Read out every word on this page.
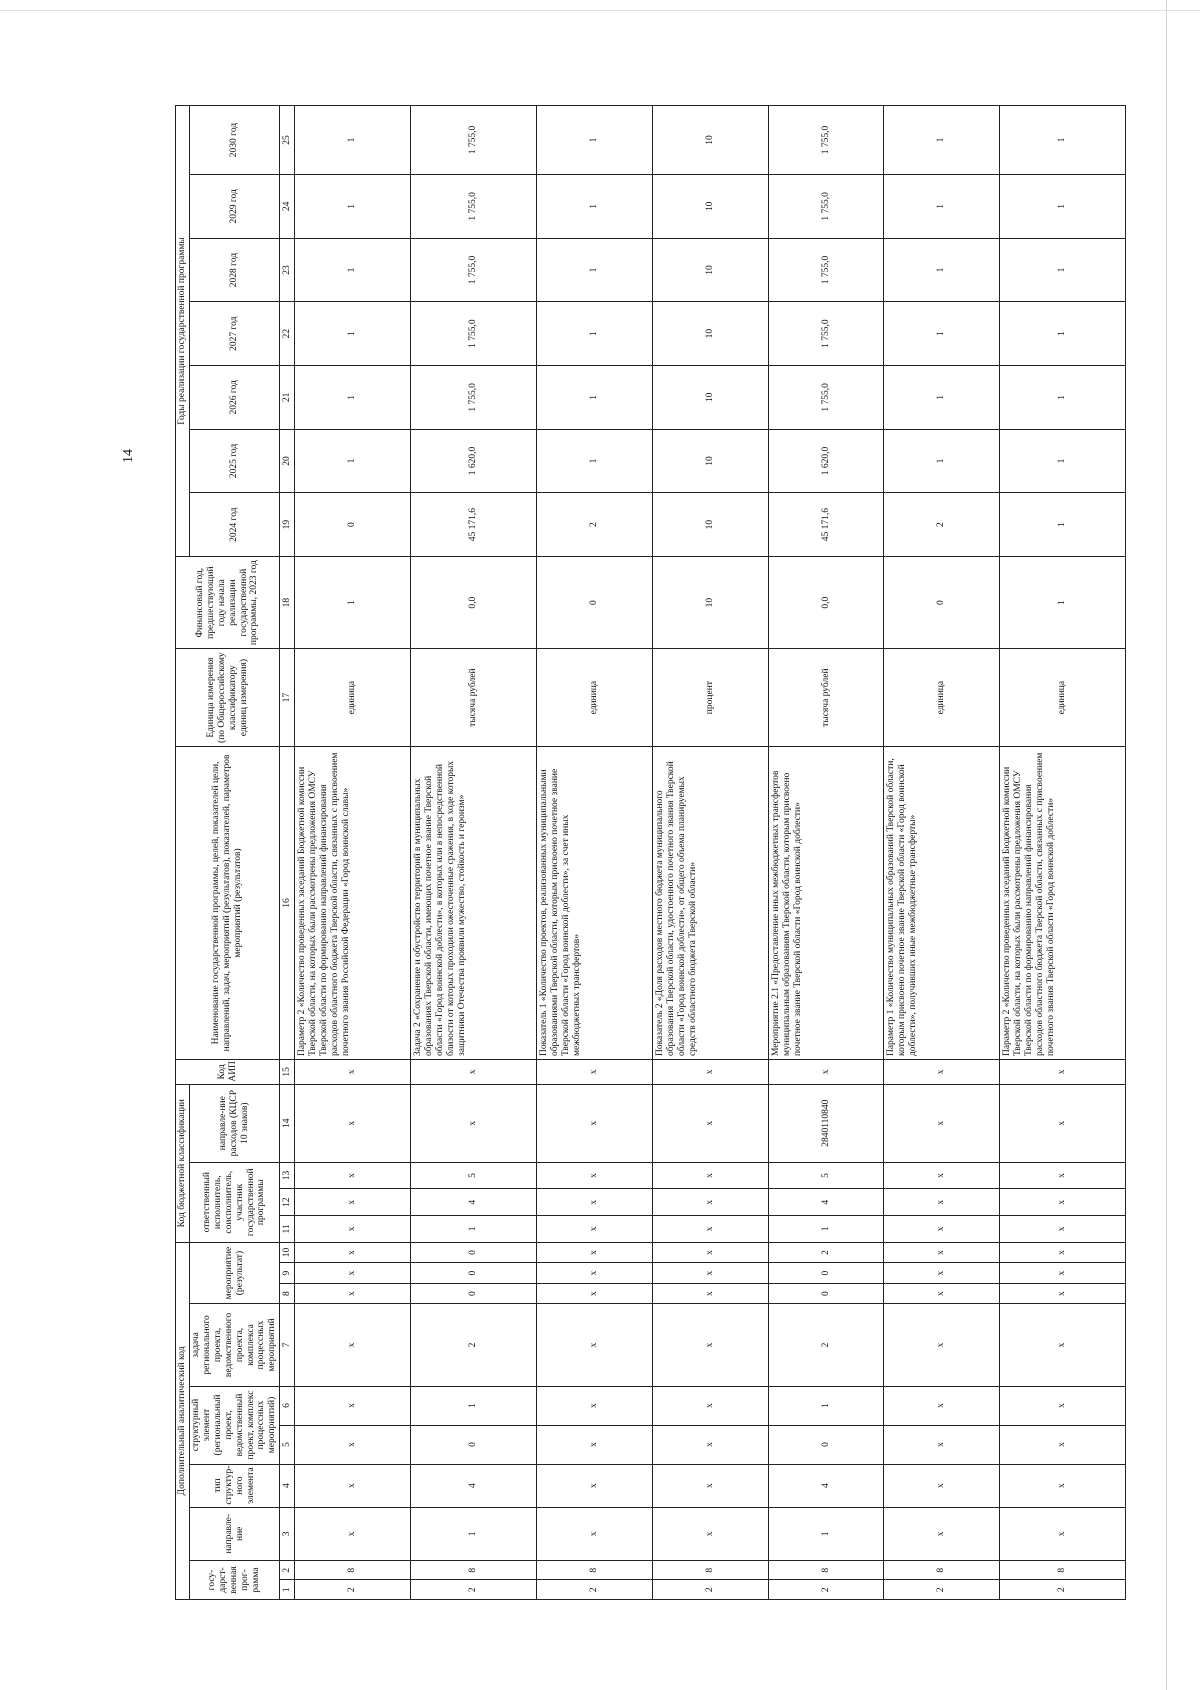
14
Дополнительный аналитический код										Код бюджетной классификации				Код АИП	Наименование государственной программы, целей, показателей цели, направлений, задач, мероприятий (результатов), показателей, параметров мероприятий (результатов)	Единица измерения (по Общероссийскому классификатору единиц измерения)	Финансовый год, предшествующий году начала реализации государственной программы, 2023 год	Годы реализации государственной программы						
госу-дарст-венная прог-рамма		направле-ние	тип структур-ного элемента	структурный элемент (региональный проект, ведомственный проект, комплекс процессных мероприятий)		задача регионального проекта, ведомственного проекта, комплекса процессных мероприятий	мероприятие (результат)			ответственный исполнитель, соисполнитель, участник государственной программы			направле-ние расходов (КЦСР 10 знаков)					2024 год	2025 год	2026 год	2027 год	2028 год	2029 год	2030 год

1	2	3	4	5	6	7	8	9	10	11	12	13	14	15	16	17	18	19	20	21	22	23	24	25
2	8	x	x	x	x	x	x	x	x	x	x	x	x	x	Параметр 2 «Количество проведенных заседаний Бюджетной комиссии Тверской области, на которых были рассмотрены предложения ОМСУ Тверской области по формированию направлений финансирования расходов областного бюджета Тверской области, связанных с присвоением почетного звания Российской Федерации «Город воинской славы»	единица	1	0	1	1	1	1	1	1
2	8	1	4	0	1	2	0	0	0	1	4	5	x	x	Задача 2 «Сохранение и обустройство территорий в муниципальных образованиях Тверской области, имеющих почетное звание Тверской области «Город воинской доблести», в которых или в непосредственной близости от которых проходили ожесточенные сражения, в ходе которых защитники Отечества проявили мужество, стойкость и героизм»	тысяча рублей	0,0	45 171,6	1 620,0	1 755,0	1 755,0	1 755,0	1 755,0	1 755,0
2	8	x	x	x	x	x	x	x	x	x	x	x	x	x	Показатель 1 «Количество проектов, реализованных муниципальными образованиями Тверской области, которым присвоено почетное звание Тверской области «Город воинской доблести», за счет иных межбюджетных трансфертов»	единица	0	2	1	1	1	1	1	1
2	8	x	x	x	x	x	x	x	x	x	x	x	x	x	Показатель 2 «Доля расходов местного бюджета муниципального образования Тверской области, удостоенного почетного звания Тверской области «Город воинской доблести», от общего объема планируемых средств областного бюджета Тверской области»	процент	10	10	10	10	10	10	10	10
2	8	1	4	0	1	2	0	0	2	1	4	5	2840110840	x	Мероприятие 2.1 «Предоставление иных межбюджетных трансфертов муниципальным образованиям Тверской области, которым присвоено почетное звание Тверской области «Город воинской доблести»	тысяча рублей	0,0	45 171,6	1 620,0	1 755,0	1 755,0	1 755,0	1 755,0	1 755,0
2	8	x	x	x	x	x	x	x	x	x	x	x	x	x	Параметр 1 «Количество муниципальных образований Тверской области, которым присвоено почетное звание Тверской области «Город воинской доблести», получивших иные межбюджетные трансферты»	единица	0	2	1	1	1	1	1	1
2	8	x	x	x	x	x	x	x	x	x	x	x	x	x	Параметр 2 «Количество проведенных заседаний Бюджетной комиссии Тверской области, на которых были рассмотрены предложения ОМСУ Тверской области по формированию направлений финансирования расходов областного бюджета Тверской области, связанных с присвоением почетного звания Тверской области «Город воинской доблести»	единица	1	1	1	1	1	1	1	1
